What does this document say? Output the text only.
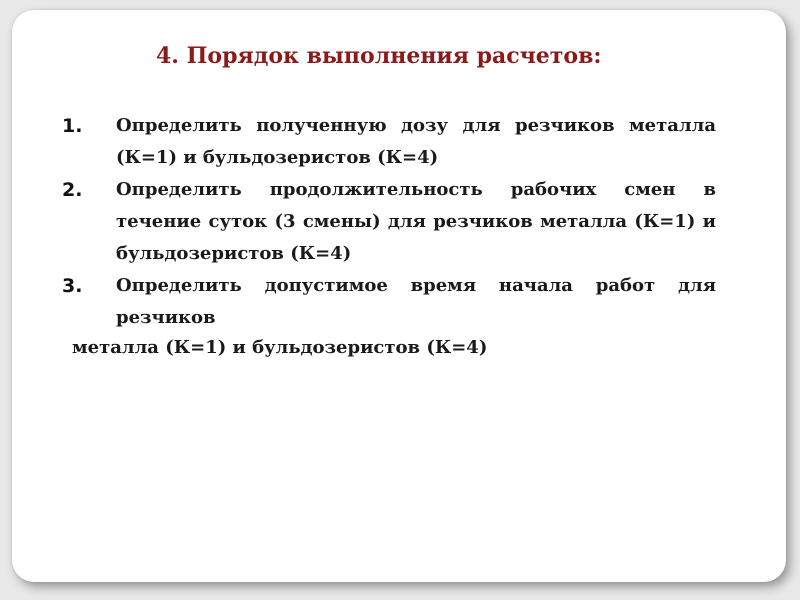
4. Порядок выполнения расчетов:
1. Определить полученную дозу для резчиков металла (К=1) и бульдозеристов (К=4)
2. Определить продолжительность рабочих смен в течение суток (3 смены) для резчиков металла (К=1) и бульдозеристов (К=4)
3. Определить допустимое время начала работ для резчиков

металла (К=1) и бульдозеристов (К=4)
